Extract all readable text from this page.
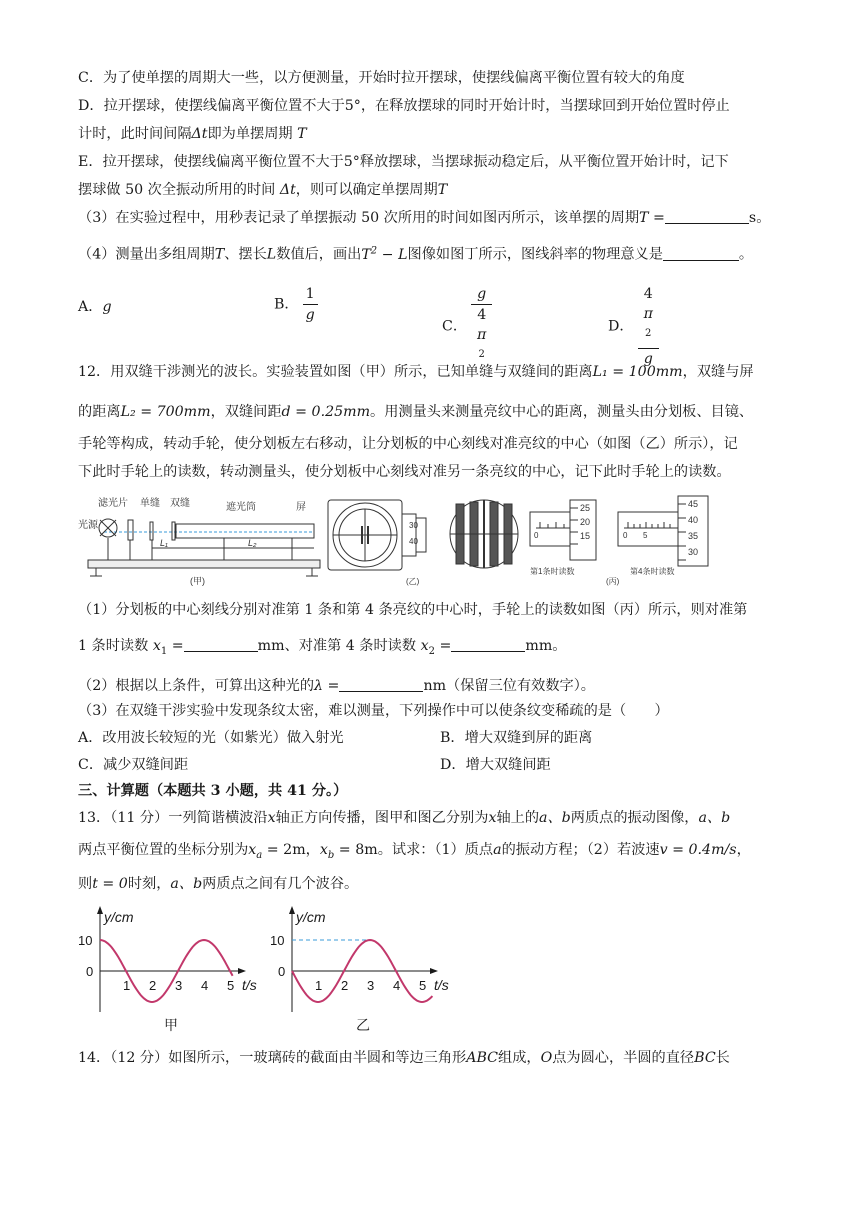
C．为了使单摆的周期大一些，以方便测量，开始时拉开摆球，使摆线偏离平衡位置有较大的角度
D．拉开摆球，使摆线偏离平衡位置不大于5°，在释放摆球的同时开始计时，当摆球回到开始位置时停止
计时，此时间间隔Δt即为单摆周期 T
E．拉开摆球，使摆线偏离平衡位置不大于5°释放摆球，当摆球振动稳定后，从平衡位置开始计时，记下
摆球做 50 次全振动所用的时间 Δt，则可以确定单摆周期T
（3）在实验过程中，用秒表记录了单摆振动 50 次所用的时间如图丙所示，该单摆的周期T =	s。
（4）测量出多组周期T、摆长L数值后，画出$T^2 - L$图像如图丁所示，图线斜率的物理意义是	。
A．g	B． $\frac{1}{g}$
C． g
4
π
$^2$	D． 4
π
$^2$
g
12．用双缝干涉测光的波长。实验装置如图（甲）所示，已知单缝与双缝间的距离L₁ = 100mm，双缝与屏
的距离L₂ = 700mm，双缝间距d = 0.25mm。用测量头来测量亮纹中心的距离，测量头由分划板、目镜、
手轮等构成，转动手轮，使分划板左右移动，让分划板的中心刻线对准亮纹的中心（如图（乙）所示），记
下此时手轮上的读数，转动测量头，使分划板中心刻线对准另一条亮纹的中心，记下此时手轮上的读数。
滤光片 单缝 双缝	遮光筒	屏
光源
L₁	L₂
(甲)
30
40
(乙)
0
25
20
15
第1条时读数
0 5
45
40
35
30
第4条时读数
(丙)
（1）分划板的中心刻线分别对准第 1 条和第 4 条亮纹的中心时，手轮上的读数如图（丙）所示，则对准第
1 条时读数 $x_1$ =	mm、对准第 4 条时读数 $x_2$ =	mm。
（2）根据以上条件，可算出这种光的λ =	nm（保留三位有效数字）。
（3）在双缝干涉实验中发现条纹太密，难以测量，下列操作中可以使条纹变稀疏的是（　　）
A．改用波长较短的光（如紫光）做入射光	B．增大双缝到屏的距离
C．减少双缝间距	D．增大双缝间距
三、计算题（本题共 3 小题，共 41 分。）
13．（11 分）一列简谐横波沿x轴正方向传播，图甲和图乙分别为x轴上的a、b两质点的振动图像，a、b
两点平衡位置的坐标分别为$x_a = 2m$，$x_b = 8m$。试求：（1）质点a的振动方程；（2）若波速v = 0.4m/s，
则t = 0时刻，a、b两质点之间有几个波谷。
y/cm
10
0
1 2 3 4 5 t/s
甲
y/cm
10
0
1 2 3 4 5 t/s
乙
14．（12 分）如图所示，一玻璃砖的截面由半圆和等边三角形ABC组成，O点为圆心，半圆的直径BC长
